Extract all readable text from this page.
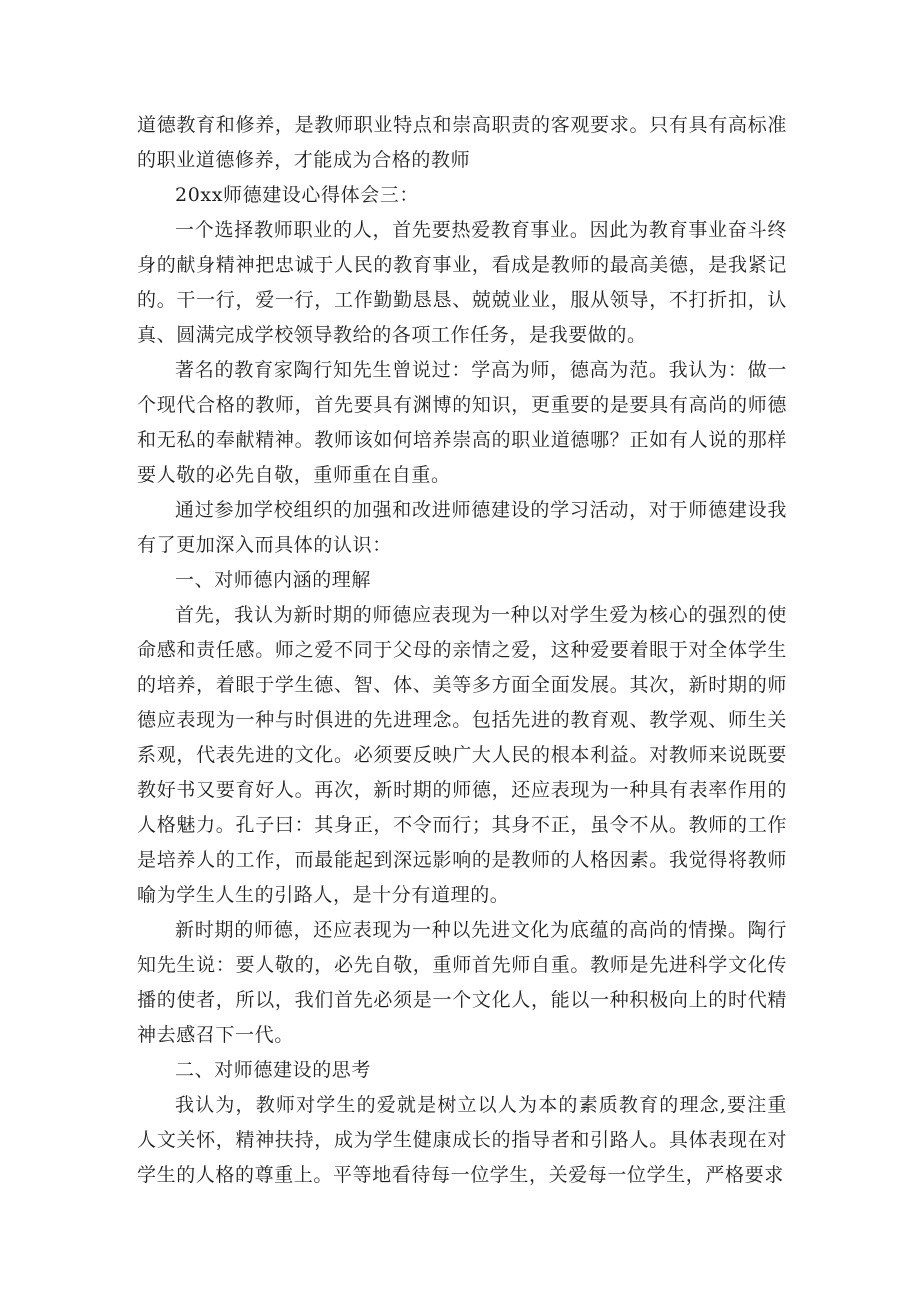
道德教育和修养，是教师职业特点和崇高职责的客观要求。只有具有高标准的职业道德修养，才能成为合格的教师

20xx师德建设心得体会三：

一个选择教师职业的人，首先要热爱教育事业。因此为教育事业奋斗终身的献身精神把忠诚于人民的教育事业，看成是教师的最高美德，是我紧记的。干一行，爱一行，工作勤勤恳恳、兢兢业业，服从领导，不打折扣，认真、圆满完成学校领导教给的各项工作任务，是我要做的。

著名的教育家陶行知先生曾说过：学高为师，德高为范。我认为：做一个现代合格的教师，首先要具有渊博的知识，更重要的是要具有高尚的师德和无私的奉献精神。教师该如何培养崇高的职业道德哪？正如有人说的那样要人敬的必先自敬，重师重在自重。

通过参加学校组织的加强和改进师德建设的学习活动，对于师德建设我有了更加深入而具体的认识：

一、对师德内涵的理解

首先，我认为新时期的师德应表现为一种以对学生爱为核心的强烈的使命感和责任感。师之爱不同于父母的亲情之爱，这种爱要着眼于对全体学生的培养，着眼于学生德、智、体、美等多方面全面发展。其次，新时期的师德应表现为一种与时俱进的先进理念。包括先进的教育观、教学观、师生关系观，代表先进的文化。必须要反映广大人民的根本利益。对教师来说既要教好书又要育好人。再次，新时期的师德，还应表现为一种具有表率作用的人格魅力。孔子曰：其身正，不令而行；其身不正，虽令不从。教师的工作是培养人的工作，而最能起到深远影响的是教师的人格因素。我觉得将教师喻为学生人生的引路人，是十分有道理的。

新时期的师德，还应表现为一种以先进文化为底蕴的高尚的情操。陶行知先生说：要人敬的，必先自敬，重师首先师自重。教师是先进科学文化传播的使者，所以，我们首先必须是一个文化人，能以一种积极向上的时代精神去感召下一代。

二、对师德建设的思考

我认为，教师对学生的爱就是树立以人为本的素质教育的理念,要注重人文关怀，精神扶持，成为学生健康成长的指导者和引路人。具体表现在对学生的人格的尊重上。平等地看待每一位学生，关爱每一位学生，严格要求
